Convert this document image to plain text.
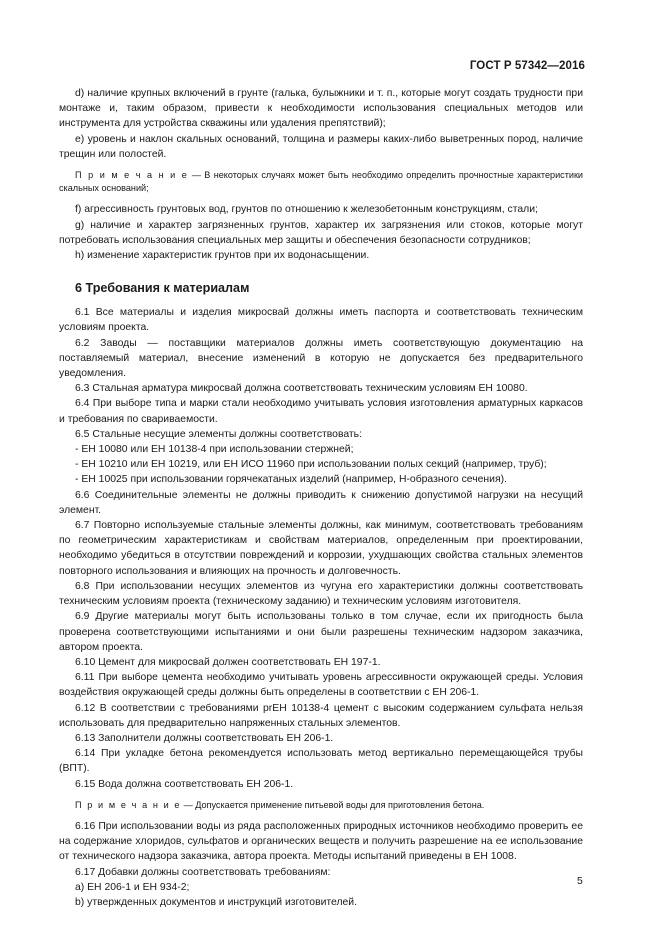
ГОСТ Р 57342—2016

d) наличие крупных включений в грунте (галька, булыжники и т. п., которые могут создать трудности при монтаже и, таким образом, привести к необходимости использования специальных методов или инструмента для устройства скважины или удаления препятствий);

e) уровень и наклон скальных оснований, толщина и размеры каких-либо выветренных пород, наличие трещин или полостей.

П р и м е ч а н и е — В некоторых случаях может быть необходимо определить прочностные характеристики скальных оснований;

f) агрессивность грунтовых вод, грунтов по отношению к железобетонным конструкциям, стали;

g) наличие и характер загрязненных грунтов, характер их загрязнения или стоков, которые могут потребовать использования специальных мер защиты и обеспечения безопасности сотрудников;

h) изменение характеристик грунтов при их водонасыщении.

6 Требования к материалам

6.1 Все материалы и изделия микросвай должны иметь паспорта и соответствовать техническим условиям проекта.

6.2 Заводы — поставщики материалов должны иметь соответствующую документацию на поставляемый материал, внесение изменений в которую не допускается без предварительного уведомления.

6.3 Стальная арматура микросвай должна соответствовать техническим условиям ЕН 10080.

6.4 При выборе типа и марки стали необходимо учитывать условия изготовления арматурных каркасов и требования по свариваемости.

6.5 Стальные несущие элементы должны соответствовать:

- ЕН 10080 или ЕН 10138-4 при использовании стержней;

- ЕН 10210 или ЕН 10219, или ЕН ИСО 11960 при использовании полых секций (например, труб);

- ЕН 10025 при использовании горячекатаных изделий (например, Н-образного сечения).

6.6 Соединительные элементы не должны приводить к снижению допустимой нагрузки на несущий элемент.

6.7 Повторно используемые стальные элементы должны, как минимум, соответствовать требованиям по геометрическим характеристикам и свойствам материалов, определенным при проектировании, необходимо убедиться в отсутствии повреждений и коррозии, ухудшающих свойства стальных элементов повторного использования и влияющих на прочность и долговечность.

6.8 При использовании несущих элементов из чугуна его характеристики должны соответствовать техническим условиям проекта (техническому заданию) и техническим условиям изготовителя.

6.9 Другие материалы могут быть использованы только в том случае, если их пригодность была проверена соответствующими испытаниями и они были разрешены техническим надзором заказчика, автором проекта.

6.10 Цемент для микросвай должен соответствовать ЕН 197-1.

6.11 При выборе цемента необходимо учитывать уровень агрессивности окружающей среды. Условия воздействия окружающей среды должны быть определены в соответствии с ЕН 206-1.

6.12 В соответствии с требованиями prЕН 10138-4 цемент с высоким содержанием сульфата нельзя использовать для предварительно напряженных стальных элементов.

6.13 Заполнители должны соответствовать ЕН 206-1.

6.14 При укладке бетона рекомендуется использовать метод вертикально перемещающейся трубы (ВПТ).

6.15 Вода должна соответствовать ЕН 206-1.

П р и м е ч а н и е — Допускается применение питьевой воды для приготовления бетона.

6.16 При использовании воды из ряда расположенных природных источников необходимо проверить ее на содержание хлоридов, сульфатов и органических веществ и получить разрешение на ее использование от технического надзора заказчика, автора проекта. Методы испытаний приведены в ЕН 1008.

6.17 Добавки должны соответствовать требованиям:

a) ЕН 206-1 и ЕН 934-2;

b) утвержденных документов и инструкций изготовителей.

5
